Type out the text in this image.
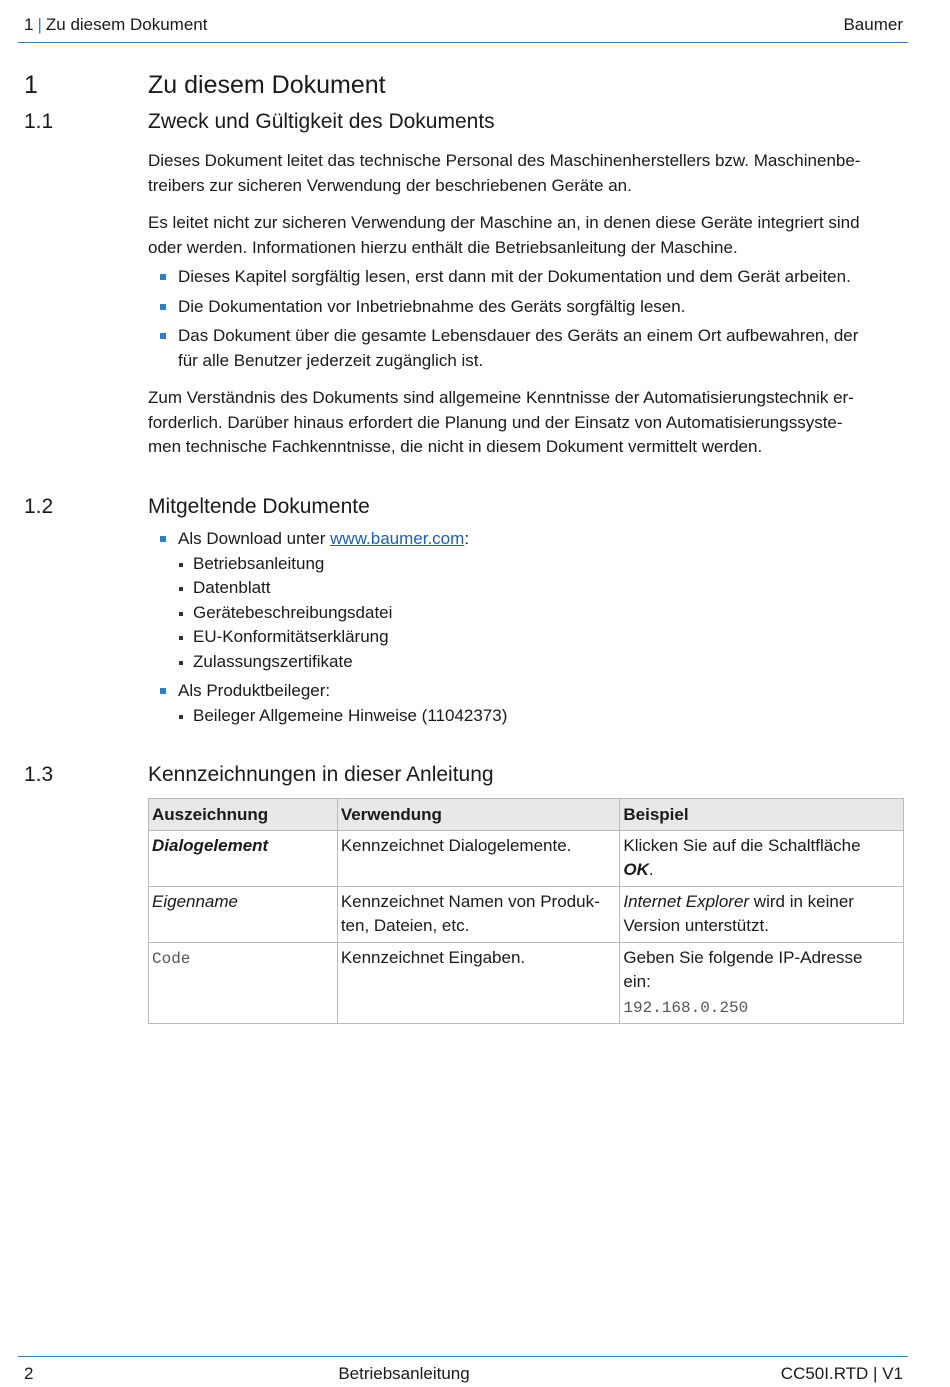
1 | Zu diesem Dokument	Baumer
1	Zu diesem Dokument
1.1	Zweck und Gültigkeit des Dokuments

Dieses Dokument leitet das technische Personal des Maschinenherstellers bzw. Maschinenbe-
treibers zur sicheren Verwendung der beschriebenen Geräte an.

Es leitet nicht zur sicheren Verwendung der Maschine an, in denen diese Geräte integriert sind
oder werden. Informationen hierzu enthält die Betriebsanleitung der Maschine.

Dieses Kapitel sorgfältig lesen, erst dann mit der Dokumentation und dem Gerät arbeiten.
Die Dokumentation vor Inbetriebnahme des Geräts sorgfältig lesen.
Das Dokument über die gesamte Lebensdauer des Geräts an einem Ort aufbewahren, der
für alle Benutzer jederzeit zugänglich ist.

Zum Verständnis des Dokuments sind allgemeine Kenntnisse der Automatisierungstechnik er-
forderlich. Darüber hinaus erfordert die Planung und der Einsatz von Automatisierungssyste-
men technische Fachkenntnisse, die nicht in diesem Dokument vermittelt werden.

1.2	Mitgeltende Dokumente
Als Download unter www.baumer.com:
Betriebsanleitung
Datenblatt
Gerätebeschreibungsdatei
EU-Konformitätserklärung
Zulassungszertifikate
Als Produktbeileger:
Beileger Allgemeine Hinweise (11042373)
1.3	Kennzeichnungen in dieser Anleitung
Auszeichnung	Verwendung	Beispiel
Dialogelement	Kennzeichnet Dialogelemente.	Klicken Sie auf die Schaltfläche
OK.
Eigenname	Kennzeichnet Namen von Produk-
ten, Dateien, etc.	Internet Explorer wird in keiner
Version unterstützt.
Code	Kennzeichnet Eingaben.	Geben Sie folgende IP-Adresse
ein:
192.168.0.250
2	Betriebsanleitung	CC50I.RTD | V1
